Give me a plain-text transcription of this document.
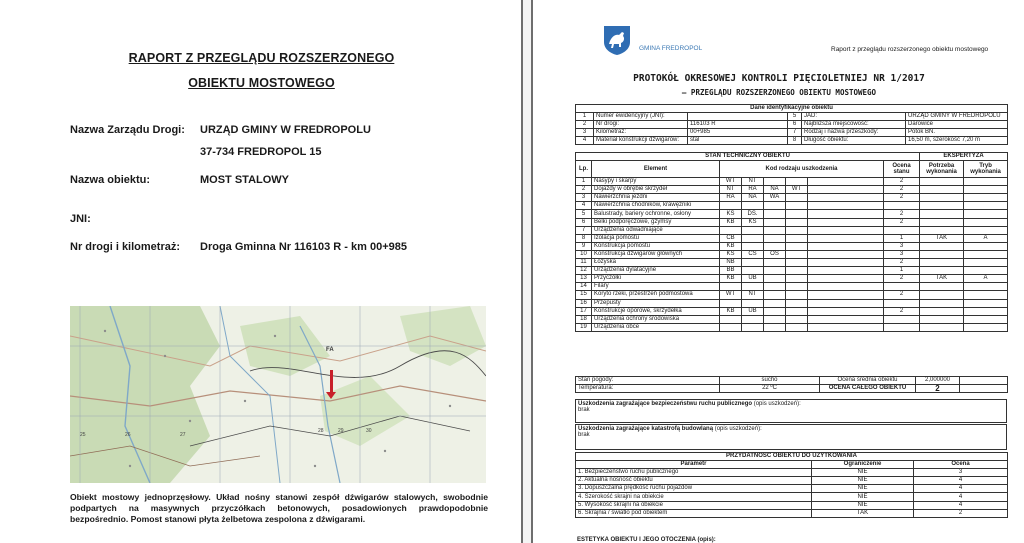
RAPORT Z PRZEGLĄDU ROZSZERZONEGO
OBIEKTU MOSTOWEGO
Nazwa Zarządu Drogi: URZĄD GMINY W FREDROPOLU
37-734 FREDROPOL 15
Nazwa obiektu:	MOST STALOWY
JNI:
Nr drogi i kilometraż: Droga Gminna Nr 116103 R - km 00+985
FA
25	26	27
28	29	30
Obiekt mostowy jednoprzęsłowy. Układ nośny stanowi zespół dźwigarów stalowych, swobodnie podpartych na masywnych przyczółkach betonowych, posadowionych prawdopodobnie bezpośrednio. Pomost stanowi płyta żelbetowa zespolona z dźwigarami.
GMINA FREDROPOL	Raport z przeglądu rozszerzonego obiektu mostowego
PROTOKÓŁ OKRESOWEJ KONTROLI PIĘCIOLETNIEJ NR 1/2017
– PRZEGLĄDU ROZSZERZONEGO OBIEKTU MOSTOWEGO
Dane identyfikacyjne obiektu					
1	Numer ewidencyjny (JNI):		5	JAD:	URZĄD GMINY W FREDROPOLU
2	Nr drogi:	116103 R	6	Najbliższa miejscowość:	Darowice
3	Kilometraż:	00+985	7	Rodzaj i nazwa przeszkody:	Potok BN.
4	Materiał konstrukcji dźwigarów:	stal	8	Długość obiektu:	16,50 m, szerokość 7,20 m
STAN TECHNICZNY OBIEKTU								EKSPERTYZA	
Lp.	Element	Kod rodzaju uszkodzenia					Ocena stanu	Potrzeba wykonania	Tryb wykonania
1	Nasypy i skarpy	WT	NT				2		
2	Dojazdy w obrębie skrzydeł	NT	RA	NA	WT		2		
3	Nawierzchnia jezdni	RA	NA	WA			2		
4	Nawierzchnia chodników, krawężniki								
5	Balustrady, bariery ochronne, osłony	KS	DS.				2		
6	Belki podporęczowe, gzymsy	KB	KS				2		
7	Urządzenia odwadniające								
8	Izolacja pomostu	CB					1	TAK	A
9	Konstrukcja pomostu	KB					3		
10	Konstrukcja dźwigarów głównych	KS	CS	OS			3		
11	Łożyska	NB					2		
12	Urządzenia dylatacyjne	BB					1		
13	Przyczółki	KB	UB				2	TAK	A
14	Filary								
15	Koryto rzeki, przestrzeń podmostowa	WT	NT				2		
16	Przepusty								
17	Konstrukcje oporowe, skrzydełka	KB	UB				2		
18	Urządzenia ochrony środowiska								
19	Urządzenia obce								
Stan pogody:	sucho	Ocena średnia obiektu	2,000000	
Temperatura:	22 ºC	OCENA CAŁEGO OBIEKTU	2	
Uszkodzenia zagrażające bezpieczeństwu ruchu publicznego (opis uszkodzeń):
brak
Uszkodzenia zagrażające katastrofą budowlaną (opis uszkodzeń):
brak
PRZYDATNOŚĆ OBIEKTU DO UŻYTKOWANIA		
Parametr	Ograniczenie	Ocena
1. Bezpieczeństwo ruchu publicznego	NIE	3
2. Aktualna nośność obiektu	NIE	4
3. Dopuszczalna prędkość ruchu pojazdów	NIE	4
4. Szerokość skrajni na obiekcie	NIE	4
5. Wysokość skrajni na obiekcie	NIE	4
6. Skrajnia / światło pod obiektem	TAK	2
ESTETYKA OBIEKTU I JEGO OTOCZENIA (opis):
